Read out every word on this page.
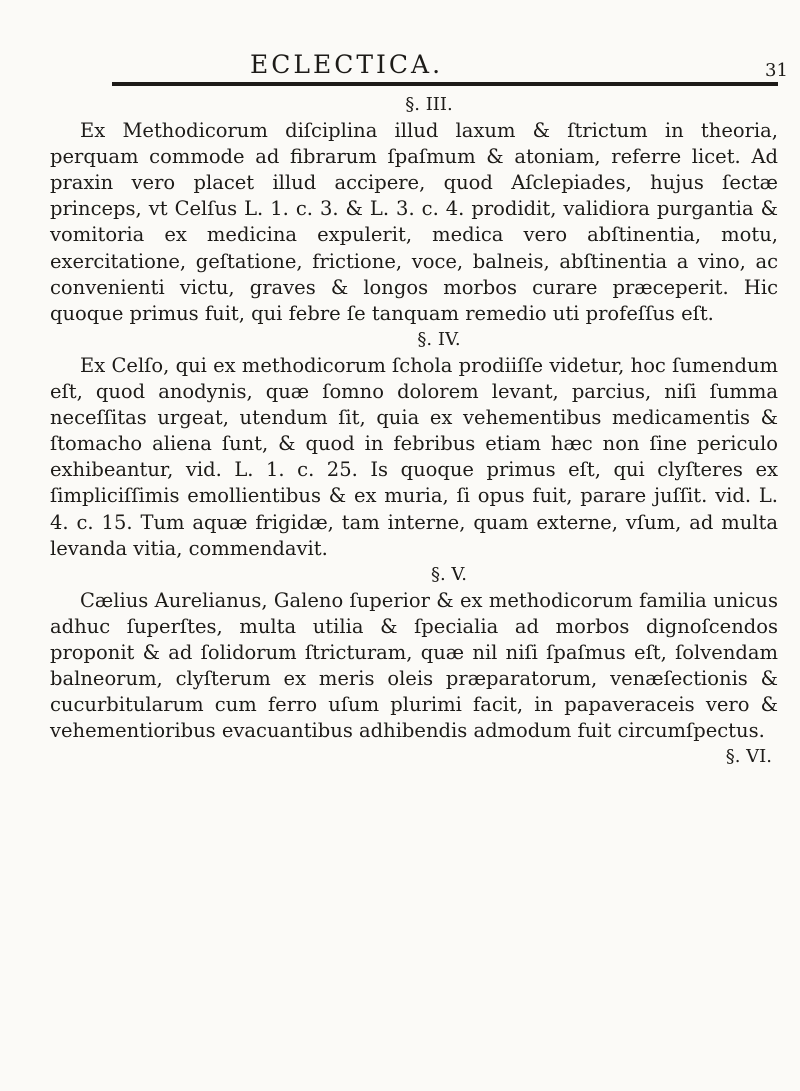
ECLECTICA.	31

§. III.

Ex Methodicorum diſciplina illud laxum & ſtrictum in theoria, perquam commode ad fibrarum ſpaſmum & atoniam, referre licet. Ad praxin vero placet illud accipere, quod Aſclepiades, hujus ſectæ princeps, vt Celſus L. 1. c. 3. & L. 3. c. 4. prodidit, validiora purgantia & vomitoria ex medicina expulerit, medica vero abſtinentia, motu, exercitatione, geſtatione, frictione, voce, balneis, abſtinentia a vino, ac convenienti victu, graves & longos morbos curare præceperit. Hic quoque primus fuit, qui febre ſe tanquam remedio uti profeſſus eſt.

§. IV.

Ex Celſo, qui ex methodicorum ſchola prodiiſſe videtur, hoc ſumendum eſt, quod anodynis, quæ ſomno dolorem levant, parcius, niſi ſumma neceſſitas urgeat, utendum ſit, quia ex vehementibus medicamentis & ſtomacho aliena ſunt, & quod in febribus etiam hæc non ſine periculo exhibeantur, vid. L. 1. c. 25. Is quoque primus eſt, qui clyſteres ex ſimpliciſſimis emollientibus & ex muria, ſi opus fuit, parare juſſit. vid. L. 4. c. 15. Tum aquæ frigidæ, tam interne, quam externe, vſum, ad multa levanda vitia, commendavit.

§. V.

Cælius Aurelianus, Galeno ſuperior & ex methodicorum familia unicus adhuc ſuperſtes, multa utilia & ſpecialia ad morbos dignoſcendos proponit & ad ſolidorum ſtricturam, quæ nil niſi ſpaſmus eſt, ſolvendam balneorum, clyſterum ex meris oleis præparatorum, venæſectionis & cucurbitularum cum ferro uſum plurimi facit, in papaveraceis vero & vehementioribus evacuantibus adhibendis admodum fuit circumſpectus.

§. VI.
